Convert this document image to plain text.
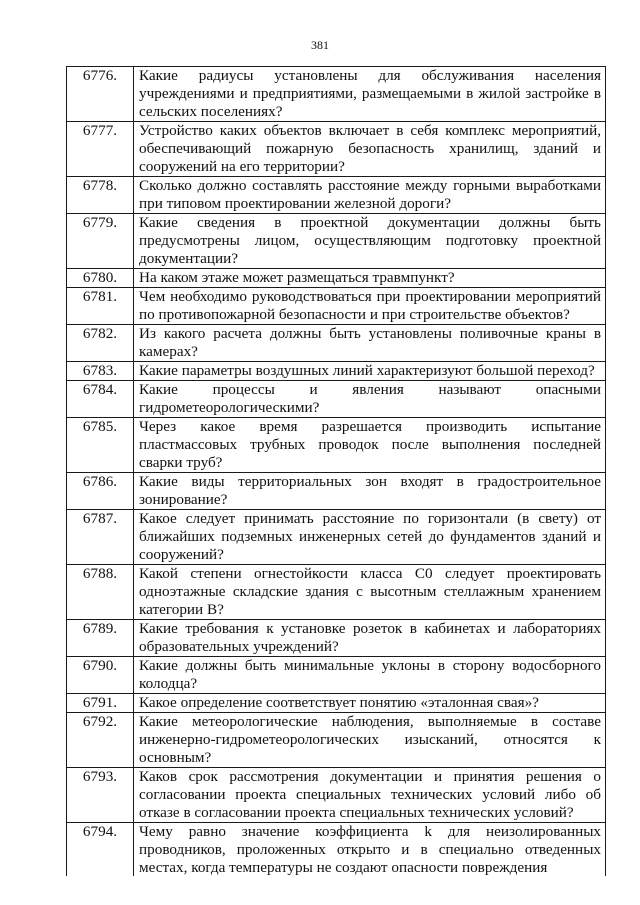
381
6776.	Какие радиусы установлены для обслуживания населения учреждениями и предприятиями, размещаемыми в жилой застройке в сельских поселениях?
6777.	Устройство каких объектов включает в себя комплекс мероприятий, обеспечивающий пожарную безопасность хранилищ, зданий и сооружений на его территории?
6778.	Сколько должно составлять расстояние между горными выработками при типовом проектировании железной дороги?
6779.	Какие сведения в проектной документации должны быть предусмотрены лицом, осуществляющим подготовку проектной документации?
6780.	На каком этаже может размещаться травмпункт?
6781.	Чем необходимо руководствоваться при проектировании мероприятий по противопожарной безопасности и при строительстве объектов?
6782.	Из какого расчета должны быть установлены поливочные краны в камерах?
6783.	Какие параметры воздушных линий характеризуют большой переход?
6784.	Какие процессы и явления называют опасными гидрометеорологическими?
6785.	Через какое время разрешается производить испытание пластмассовых трубных проводок после выполнения последней сварки труб?
6786.	Какие виды территориальных зон входят в градостроительное зонирование?
6787.	Какое следует принимать расстояние по горизонтали (в свету) от ближайших подземных инженерных сетей до фундаментов зданий и сооружений?
6788.	Какой степени огнестойкости класса С0 следует проектировать одноэтажные складские здания с высотным стеллажным хранением категории В?
6789.	Какие требования к установке розеток в кабинетах и лабораториях образовательных учреждений?
6790.	Какие должны быть минимальные уклоны в сторону водосборного колодца?
6791.	Какое определение соответствует понятию «эталонная свая»?
6792.	Какие метеорологические наблюдения, выполняемые в составе инженерно-гидрометеорологических изысканий, относятся к основным?
6793.	Каков срок рассмотрения документации и принятия решения о согласовании проекта специальных технических условий либо об отказе в согласовании проекта специальных технических условий?
6794.	Чему равно значение коэффициента k для неизолированных проводников, проложенных открыто и в специально отведенных местах, когда температуры не создают опасности повреждения
